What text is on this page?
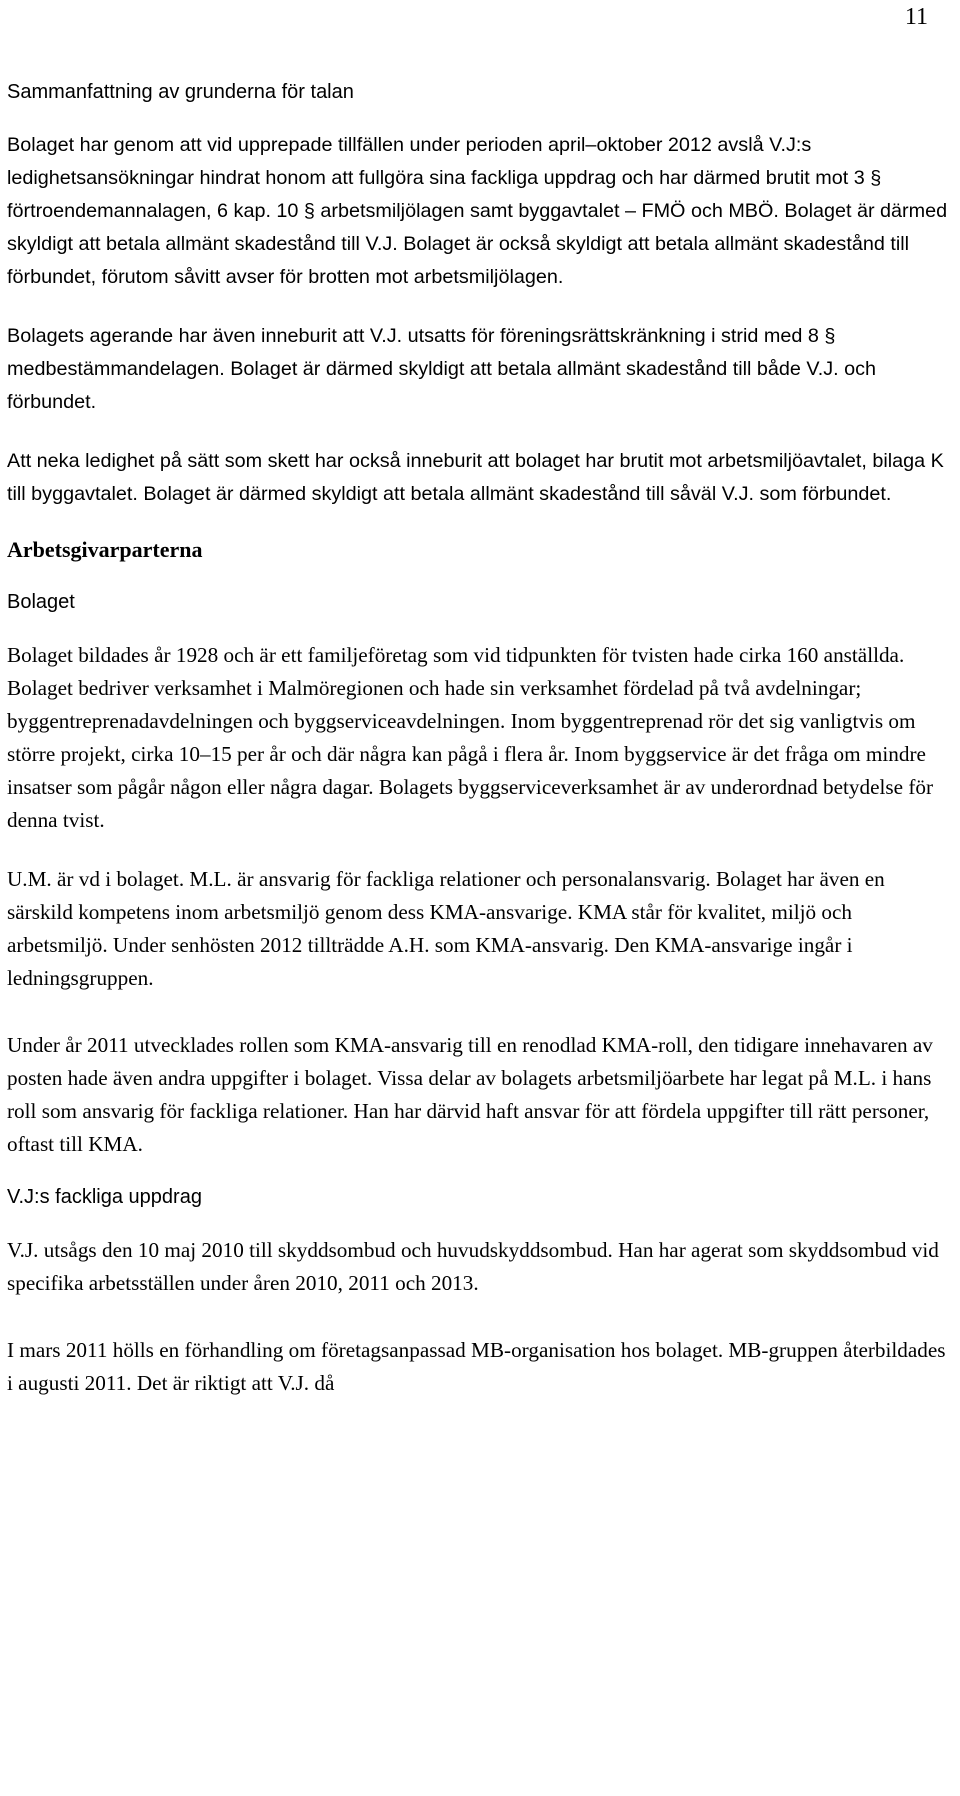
11

Sammanfattning av grunderna för talan

Bolaget har genom att vid upprepade tillfällen under perioden april–oktober 2012 avslå V.J:s ledighetsansökningar hindrat honom att fullgöra sina fackliga uppdrag och har därmed brutit mot 3 § förtroendemannalagen, 6 kap. 10 § arbetsmiljölagen samt byggavtalet – FMÖ och MBÖ. Bolaget är därmed skyldigt att betala allmänt skadestånd till V.J. Bolaget är också skyldigt att betala allmänt skadestånd till förbundet, förutom såvitt avser för brotten mot arbetsmiljölagen.

Bolagets agerande har även inneburit att V.J. utsatts för föreningsrättskränkning i strid med 8 § medbestämmandelagen. Bolaget är därmed skyldigt att betala allmänt skadestånd till både V.J. och förbundet.

Att neka ledighet på sätt som skett har också inneburit att bolaget har brutit mot arbetsmiljöavtalet, bilaga K till byggavtalet. Bolaget är därmed skyldigt att betala allmänt skadestånd till såväl V.J. som förbundet.

Arbetsgivarparterna

Bolaget

Bolaget bildades år 1928 och är ett familjeföretag som vid tidpunkten för tvisten hade cirka 160 anställda. Bolaget bedriver verksamhet i Malmöregionen och hade sin verksamhet fördelad på två avdelningar; byggentreprenadavdelningen och byggserviceavdelningen. Inom byggentreprenad rör det sig vanligtvis om större projekt, cirka 10–15 per år och där några kan pågå i flera år. Inom byggservice är det fråga om mindre insatser som pågår någon eller några dagar. Bolagets byggserviceverksamhet är av underordnad betydelse för denna tvist.

U.M. är vd i bolaget. M.L. är ansvarig för fackliga relationer och personalansvarig. Bolaget har även en särskild kompetens inom arbetsmiljö genom dess KMA-ansvarige. KMA står för kvalitet, miljö och arbetsmiljö. Under senhösten 2012 tillträdde A.H. som KMA-ansvarig. Den KMA-ansvarige ingår i ledningsgruppen.

Under år 2011 utvecklades rollen som KMA-ansvarig till en renodlad KMA-roll, den tidigare innehavaren av posten hade även andra uppgifter i bolaget. Vissa delar av bolagets arbetsmiljöarbete har legat på M.L. i hans roll som ansvarig för fackliga relationer. Han har därvid haft ansvar för att fördela uppgifter till rätt personer, oftast till KMA.

V.J:s fackliga uppdrag

V.J. utsågs den 10 maj 2010 till skyddsombud och huvudskyddsombud. Han har agerat som skyddsombud vid specifika arbetsställen under åren 2010, 2011 och 2013.

I mars 2011 hölls en förhandling om företagsanpassad MB-organisation hos bolaget. MB-gruppen återbildades i augusti 2011. Det är riktigt att V.J. då
